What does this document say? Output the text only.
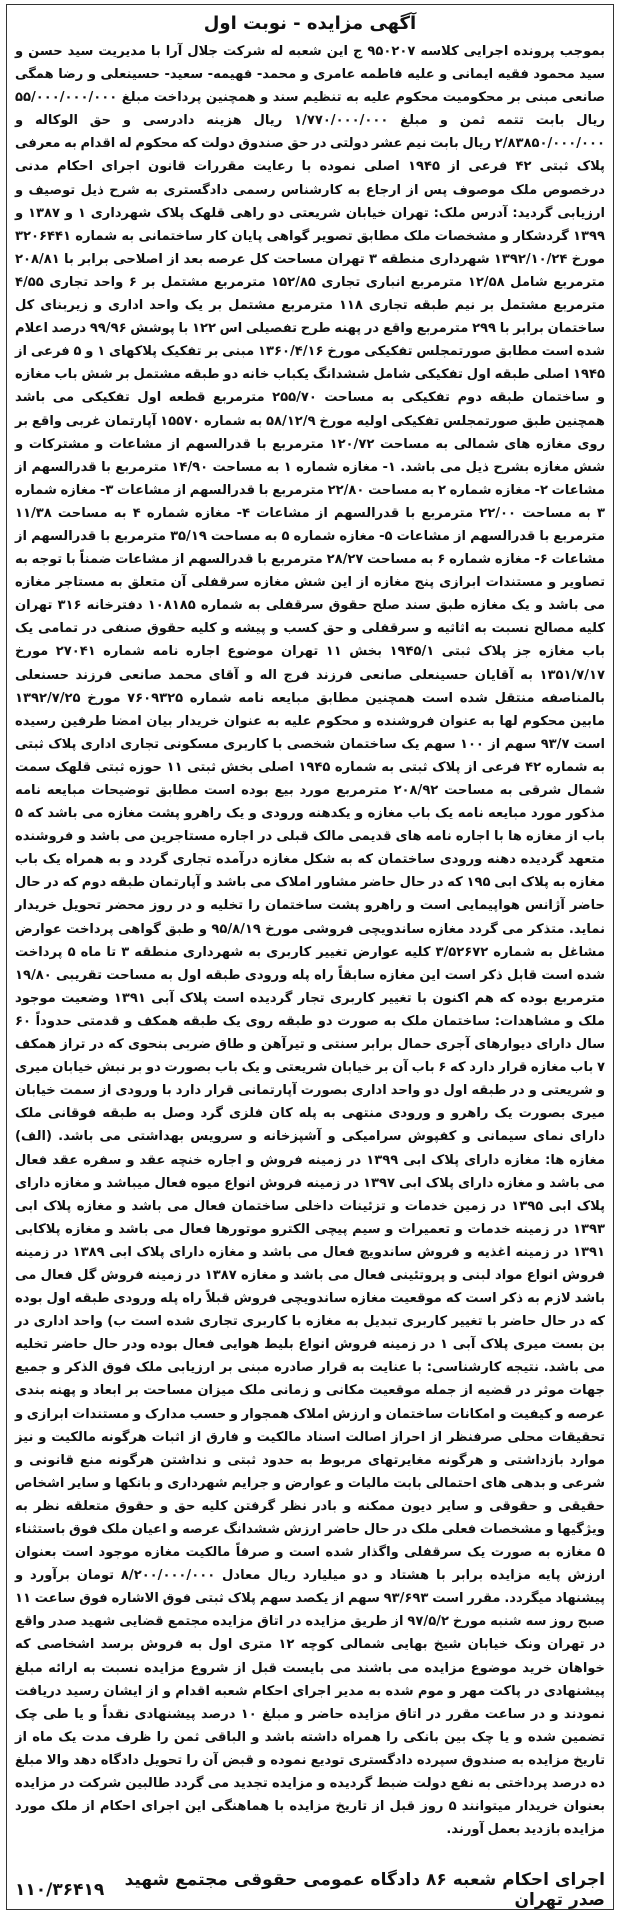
آگهی مزایده - نوبت اول

بموجب پرونده اجرایی کلاسه ۹۵۰۲۰۷ ج این شعبه له شرکت جلال آرا با مدیریت سید حسن و سید محمود فقیه ایمانی و علیه فاطمه عامری و محمد- فهیمه- سعید- حسینعلی و رضا همگی صانعی مبنی بر محکومیت محکوم علیه به تنظیم سند و همچنین پرداخت مبلغ ۵۵/۰۰۰/۰۰۰/۰۰۰ ریال بابت تتمه ثمن و مبلغ ۱/۷۷۰/۰۰۰/۰۰۰ ریال هزینه دادرسی و حق الوکاله و ۲/۸۳۸۵۰/۰۰۰/۰۰۰ ریال بابت نیم عشر دولتی در حق صندوق دولت که محکوم له اقدام به معرفی پلاک ثبتی ۴۲ فرعی از ۱۹۴۵ اصلی نموده با رعایت مقررات قانون اجرای احکام مدنی درخصوص ملک موصوف پس از ارجاع به کارشناس رسمی دادگستری به شرح ذیل توصیف و ارزیابی گردید: آدرس ملک: تهران خیابان شریعتی دو راهی قلهک پلاک شهرداری ۱ و ۱۳۸۷ و ۱۳۹۹ گردشکار و مشخصات ملک مطابق تصویر گواهی پایان کار ساختمانی به شماره ۳۲۰۶۴۴۱ مورخ ۱۳۹۲/۱۰/۲۴ شهرداری منطقه ۳ تهران مساحت کل عرصه بعد از اصلاحی برابر با ۲۰۸/۸۱ مترمربع شامل ۱۲/۵۸ مترمربع انباری تجاری ۱۵۲/۸۵ مترمربع مشتمل بر ۶ واحد تجاری ۴/۵۵ مترمربع مشتمل بر نیم طبقه تجاری ۱۱۸ مترمربع مشتمل بر یک واحد اداری و زیربنای کل ساختمان برابر با ۲۹۹ مترمربع واقع در پهنه طرح تفصیلی اس ۱۲۲ با پوشش ۹۹/۹۶ درصد اعلام شده است مطابق صورتمجلس تفکیکی مورخ ۱۳۶۰/۴/۱۶ مبنی بر تفکیک پلاکهای ۱ و ۵ فرعی از ۱۹۴۵ اصلی طبقه اول تفکیکی شامل ششدانگ یکباب خانه دو طبقه مشتمل بر شش باب مغازه و ساختمان طبقه دوم تفکیکی به مساحت ۲۵۵/۷۰ مترمربع قطعه اول تفکیکی می باشد همچنین طبق صورتمجلس تفکیکی اولیه مورخ ۵۸/۱۲/۹ به شماره ۱۵۵۷۰ آپارتمان غربی واقع بر روی مغازه های شمالی به مساحت ۱۲۰/۷۲ مترمربع با قدرالسهم از مشاعات و مشترکات و شش مغازه بشرح ذیل می باشد. ۱- مغازه شماره ۱ به مساحت ۱۴/۹۰ مترمربع با قدرالسهم از مشاعات ۲- مغازه شماره ۲ به مساحت ۲۲/۸۰ مترمربع با قدرالسهم از مشاعات ۳- مغازه شماره ۳ به مساحت ۲۲/۰۰ مترمربع با قدرالسهم از مشاعات ۴- مغازه شماره ۴ به مساحت ۱۱/۳۸ مترمربع با قدرالسهم از مشاعات ۵- مغازه شماره ۵ به مساحت ۳۵/۱۹ مترمربع با قدرالسهم از مشاعات ۶- مغازه شماره ۶ به مساحت ۲۸/۲۷ مترمربع با قدرالسهم از مشاعات ضمناً با توجه به تصاویر و مستندات ابرازی پنج مغازه از این شش مغازه سرقفلی آن متعلق به مستاجر مغازه می باشد و یک مغازه طبق سند صلح حقوق سرقفلی به شماره ۱۰۸۱۸۵ دفترخانه ۳۱۶ تهران کلیه مصالح نسبت به اثاثیه و سرقفلی و حق کسب و پیشه و کلیه حقوق صنفی در تمامی یک باب مغازه جز پلاک ثبتی ۱۹۴۵/۱ بخش ۱۱ تهران موضوع اجاره نامه شماره ۲۷۰۴۱ مورخ ۱۳۵۱/۷/۱۷ به آقایان حسینعلی صانعی فرزند فرج اله و آقای محمد صانعی فرزند حسنعلی بالمناصفه منتقل شده است همچنین مطابق مبایعه نامه شماره ۷۶۰۹۳۲۵ مورخ ۱۳۹۲/۷/۲۵ مابین محکوم لها به عنوان فروشنده و محکوم علیه به عنوان خریدار بیان امضا طرفین رسیده است ۹۳/۷ سهم از ۱۰۰ سهم یک ساختمان شخصی با کاربری مسکونی تجاری اداری پلاک ثبتی به شماره ۴۲ فرعی از پلاک ثبتی به شماره ۱۹۴۵ اصلی بخش ثبتی ۱۱ حوزه ثبتی قلهک سمت شمال شرقی به مساحت ۲۰۸/۹۲ مترمربع مورد بیع بوده است مطابق توضیحات مبایعه نامه مذکور مورد مبایعه نامه یک باب مغازه و یکدهنه ورودی و یک راهرو پشت مغازه می باشد که ۵ باب از مغازه ها با اجاره نامه های قدیمی مالک قبلی در اجاره مستاجرین می باشد و فروشنده متعهد گردیده دهنه ورودی ساختمان که به شکل مغازه درآمده تجاری گردد و به همراه یک باب مغازه به پلاک ابی ۱۹۵ که در حال حاضر مشاور املاک می باشد و آپارتمان طبقه دوم که در حال حاضر آژانس هواپیمایی است و راهرو پشت ساختمان را تخلیه و در روز محضر تحویل خریدار نماید. متذکر می گردد مغازه ساندویچی فروشی مورخ ۹۵/۸/۱۹ و طبق گواهی پرداخت عوارض مشاغل به شماره ۳/۵۲۶۷۲ کلیه عوارض تغییر کاربری به شهرداری منطقه ۳ تا ماه ۵ پرداخت شده است قابل ذکر است این مغازه سابقاً راه پله ورودی طبقه اول به مساحت تقریبی ۱۹/۸۰ مترمربع بوده که هم اکنون با تغییر کاربری تجار گردیده است پلاک آبی ۱۳۹۱ وضعیت موجود ملک و مشاهدات: ساختمان ملک به صورت دو طبقه روی یک طبقه همکف و قدمتی حدوداً ۶۰ سال دارای دیوارهای آجری حمال برابر سنتی و تیرآهن و طاق ضربی بنحوی که در تراز همکف ۷ باب مغازه قرار دارد که ۶ باب آن بر خیابان شریعتی و یک باب بصورت دو بر نبش خیابان میری و شریعتی و در طبقه اول دو واحد اداری بصورت آپارتمانی قرار دارد با ورودی از سمت خیابان میری بصورت یک راهرو و ورودی منتهی به پله کان فلزی گرد وصل به طبقه فوقانی ملک دارای نمای سیمانی و کفپوش سرامیکی و آشپزخانه و سرویس بهداشتی می باشد. (الف) مغازه ها: مغازه دارای پلاک ابی ۱۳۹۹ در زمینه فروش و اجاره خنچه عقد و سفره عقد فعال می باشد و مغازه دارای پلاک ابی ۱۳۹۷ در زمینه فروش انواع میوه فعال میباشد و مغازه دارای پلاک ابی ۱۳۹۵ در زمین خدمات و تزئینات داخلی ساختمان فعال می باشد و مغازه پلاک ابی ۱۳۹۳ در زمینه خدمات و تعمیرات و سیم پیچی الکترو موتورها فعال می باشد و مغازه پلاکابی ۱۳۹۱ در زمینه اغذیه و فروش ساندویچ فعال می باشد و مغازه دارای پلاک ابی ۱۳۸۹ در زمینه فروش انواع مواد لبنی و پروتئینی فعال می باشد و مغازه ۱۳۸۷ در زمینه فروش گل فعال می باشد لازم به ذکر است که موقعیت مغازه ساندویچی فروش قبلاً راه پله ورودی طبقه اول بوده که در حال حاضر با تغییر کاربری تبدیل به مغازه با کاربری تجاری شده است ب) واحد اداری در بن بست میری پلاک آبی ۱ در زمینه فروش انواع بلیط هوایی فعال بوده ودر حال حاضر تخلیه می باشد. نتیجه کارشناسی: با عنایت به قرار صادره مبنی بر ارزیابی ملک فوق الذکر و جمیع جهات موثر در قضیه از جمله موقعیت مکانی و زمانی ملک میزان مساحت بر ابعاد و پهنه بندی عرصه و کیفیت و امکانات ساختمان و ارزش املاک همجوار و حسب مدارک و مستندات ابرازی و تحقیقات محلی صرفنظر از احراز اصالت اسناد مالکیت و فارق از اثبات هرگونه مالکیت و نیز موارد بازداشتی و هرگونه مغایرتهای مربوط به حدود ثبتی و نداشتن هرگونه منع قانونی و شرعی و بدهی های احتمالی بابت مالیات و عوارض و جرایم شهرداری و بانکها و سایر اشخاص حقیقی و حقوقی و سایر دیون ممکنه و بادر نظر گرفتن کلیه حق و حقوق متعلقه نظر به ویژگیها و مشخصات فعلی ملک در حال حاضر ارزش ششدانگ عرصه و اعیان ملک فوق باستثناء ۵ مغازه به صورت یک سرقفلی واگذار شده است و صرفاً مالکیت مغازه موجود است بعنوان ارزش پایه مزایده برابر با هشتاد و دو میلیارد ریال معادل ۸/۲۰۰/۰۰۰/۰۰۰ تومان برآورد و پیشنهاد میگردد. مقرر است ۹۳/۶۹۳ سهم از یکصد سهم پلاک ثبتی فوق الاشاره فوق ساعت ۱۱ صبح روز سه شنبه مورخ ۹۷/۵/۲ از طریق مزایده در اتاق مزایده مجتمع قضایی شهید صدر واقع در تهران ونک خیابان شیخ بهایی شمالی کوچه ۱۲ متری اول به فروش برسد اشخاصی که خواهان خرید موضوع مزایده می باشند می بایست قبل از شروع مزایده نسبت به ارائه مبلغ پیشنهادی در پاکت مهر و موم شده به مدیر اجرای احکام شعبه اقدام و از ایشان رسید دریافت نمودند و در ساعت مقرر در اتاق مزایده حاضر و مبلغ ۱۰ درصد پیشنهادی نقداً و یا طی چک تضمین شده و یا چک بین بانکی را همراه داشته باشد و الباقی ثمن را ظرف مدت یک ماه از تاریخ مزایده به صندوق سپرده دادگستری تودیع نموده و قبض آن را تحویل دادگاه دهد والا مبلغ ده درصد پرداختی به نفع دولت ضبط گردیده و مزایده تجدید می گردد طالبین شرکت در مزایده بعنوان خریدار میتوانند ۵ روز قبل از تاریخ مزایده با هماهنگی این اجرای احکام از ملک مورد مزایده بازدید بعمل آورند.

اجرای احکام شعبه ۸۶ دادگاه عمومی حقوقی مجتمع شهید صدر تهران
۱۱۰/۳۶۴۱۹
